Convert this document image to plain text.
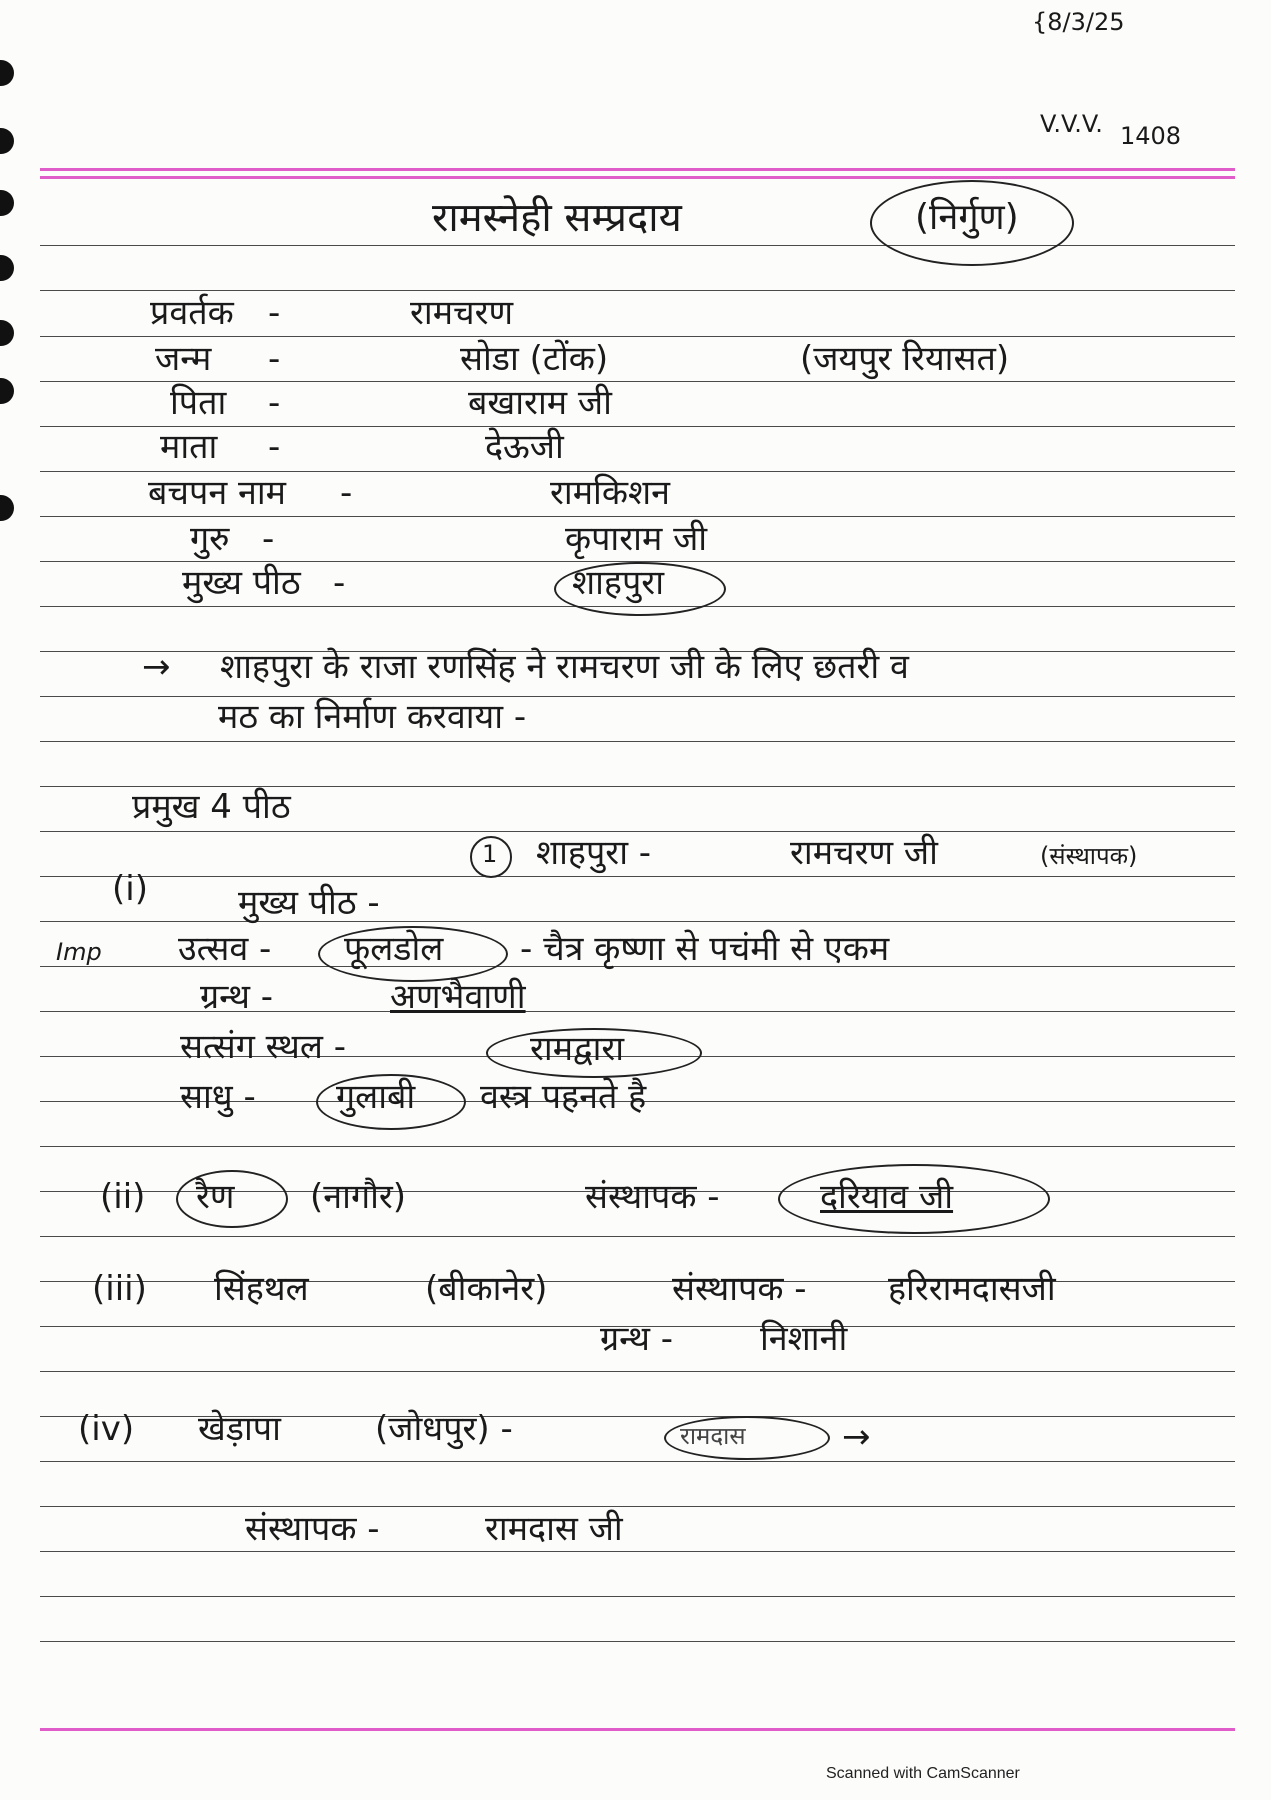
{8/3/25
V.V.V. 1408
रामस्नेही सम्प्रदाय	(निर्गुण)
प्रवर्तक -	रामचरण
जन्म -	सोडा (टोंक)	(जयपुर रियासत)
पिता -	बखाराम जी
माता -	देऊजी
बचपन नाम -	रामकिशन
गुरु -	कृपाराम जी
मुख्य पीठ -	शाहपुरा
→ शाहपुरा के राजा रणसिंह ने रामचरण जी के लिए छतरी व
मठ का निर्माण करवाया -
प्रमुख 4 पीठ
(i)
1 शाहपुरा -	रामचरण जी	(संस्थापक)
मुख्य पीठ -
Imp उत्सव - फूलडोल - चैत्र कृष्णा से पचंमी से एकम
ग्रन्थ -	अणभैवाणी
सत्संग स्थल -	रामद्वारा
साधु - गुलाबी वस्त्र पहनते है
(ii) रैण (नागौर)	संस्थापक -	दरियाव जी
(iii) सिंहथल	(बीकानेर)	संस्थापक - हरिरामदासजी
ग्रन्थ -	निशानी
(iv) खेड़ापा	(जोधपुर) -	रामदास	→
संस्थापक -	रामदास जी
Scanned with CamScanner
